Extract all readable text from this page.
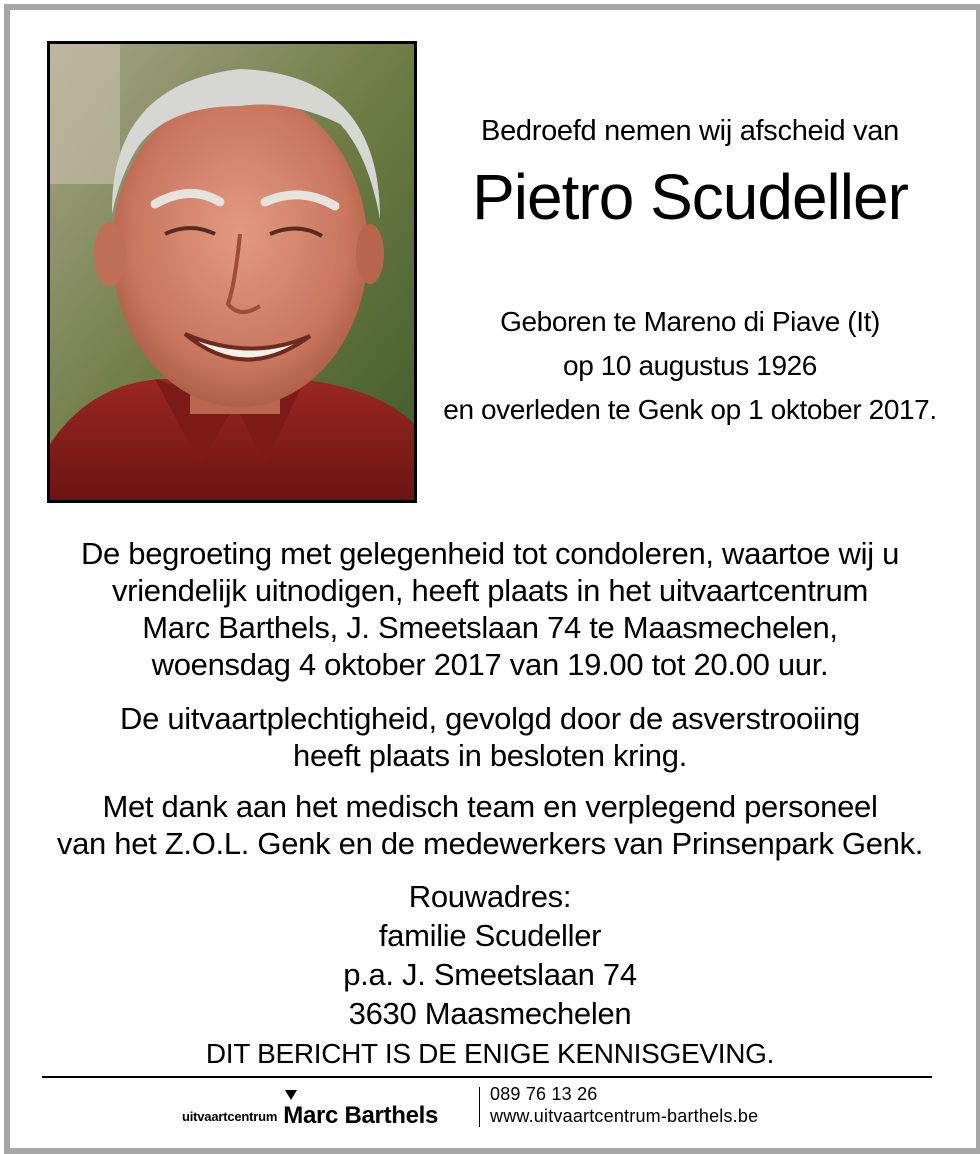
Bedroefd nemen wij afscheid van
Pietro Scudeller
Geboren te Mareno di Piave (It)
op 10 augustus 1926
en overleden te Genk op 1 oktober 2017.
De begroeting met gelegenheid tot condoleren, waartoe wij u
vriendelijk uitnodigen, heeft plaats in het uitvaartcentrum
Marc Barthels, J. Smeetslaan 74 te Maasmechelen,
woensdag 4 oktober 2017 van 19.00 tot 20.00 uur.
De uitvaartplechtigheid, gevolgd door de asverstrooiing
heeft plaats in besloten kring.
Met dank aan het medisch team en verplegend personeel
van het Z.O.L. Genk en de medewerkers van Prinsenpark Genk.
Rouwadres:
familie Scudeller
p.a. J. Smeetslaan 74
3630 Maasmechelen
DIT BERICHT IS DE ENIGE KENNISGEVING.
uitvaartcentrum Marc Barthels
089 76 13 26
www.uitvaartcentrum-barthels.be
